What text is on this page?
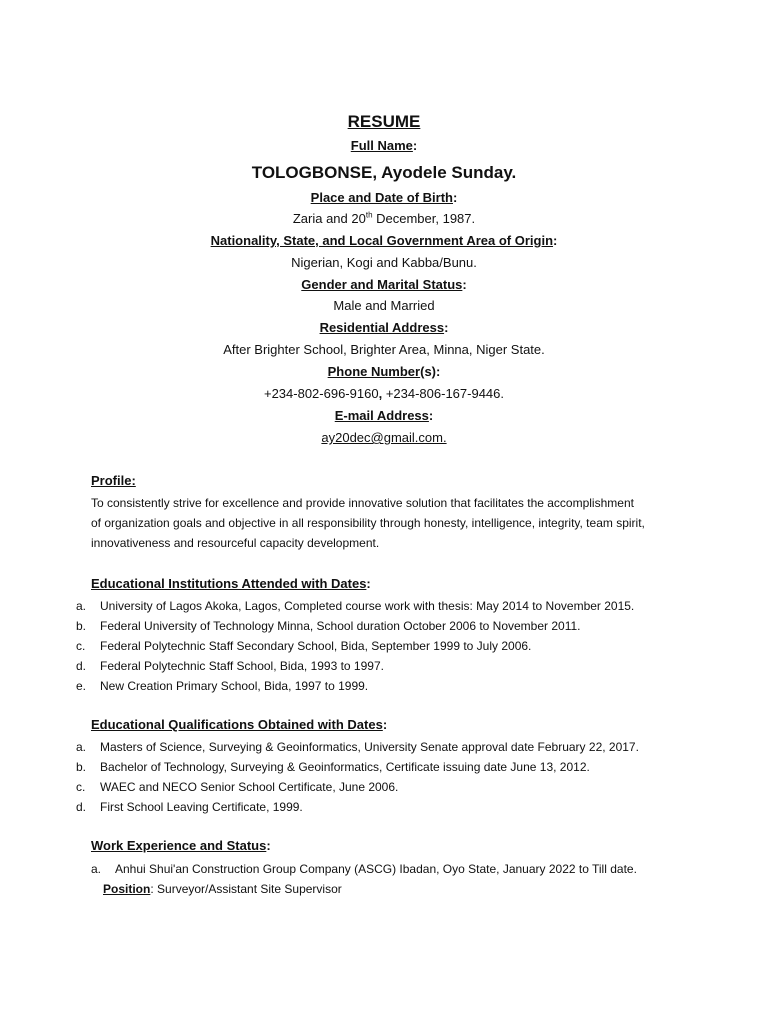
RESUME
Full Name:
TOLOGBONSE, Ayodele Sunday.
Place and Date of Birth:
Zaria and 20th December, 1987.
Nationality, State, and Local Government Area of Origin:
Nigerian, Kogi and Kabba/Bunu.
Gender and Marital Status:
Male and Married
Residential Address:
After Brighter School, Brighter Area, Minna, Niger State.
Phone Number(s):
+234-802-696-9160, +234-806-167-9446.
E-mail Address:
ay20dec@gmail.com.
Profile:
To consistently strive for excellence and provide innovative solution that facilitates the accomplishment
of organization goals and objective in all responsibility through honesty, intelligence, integrity, team spirit,
innovativeness and resourceful capacity development.
Educational Institutions Attended with Dates:
a. University of Lagos Akoka, Lagos, Completed course work with thesis: May 2014 to November 2015.
b. Federal University of Technology Minna, School duration October 2006 to November 2011.
c. Federal Polytechnic Staff Secondary School, Bida, September 1999 to July 2006.
d. Federal Polytechnic Staff School, Bida, 1993 to 1997.
e. New Creation Primary School, Bida, 1997 to 1999.
Educational Qualifications Obtained with Dates:
a. Masters of Science, Surveying & Geoinformatics, University Senate approval date February 22, 2017.
b. Bachelor of Technology, Surveying & Geoinformatics, Certificate issuing date June 13, 2012.
c. WAEC and NECO Senior School Certificate, June 2006.
d. First School Leaving Certificate, 1999.
Work Experience and Status:
a. Anhui Shui'an Construction Group Company (ASCG) Ibadan, Oyo State, January 2022 to Till date.
Position: Surveyor/Assistant Site Supervisor
